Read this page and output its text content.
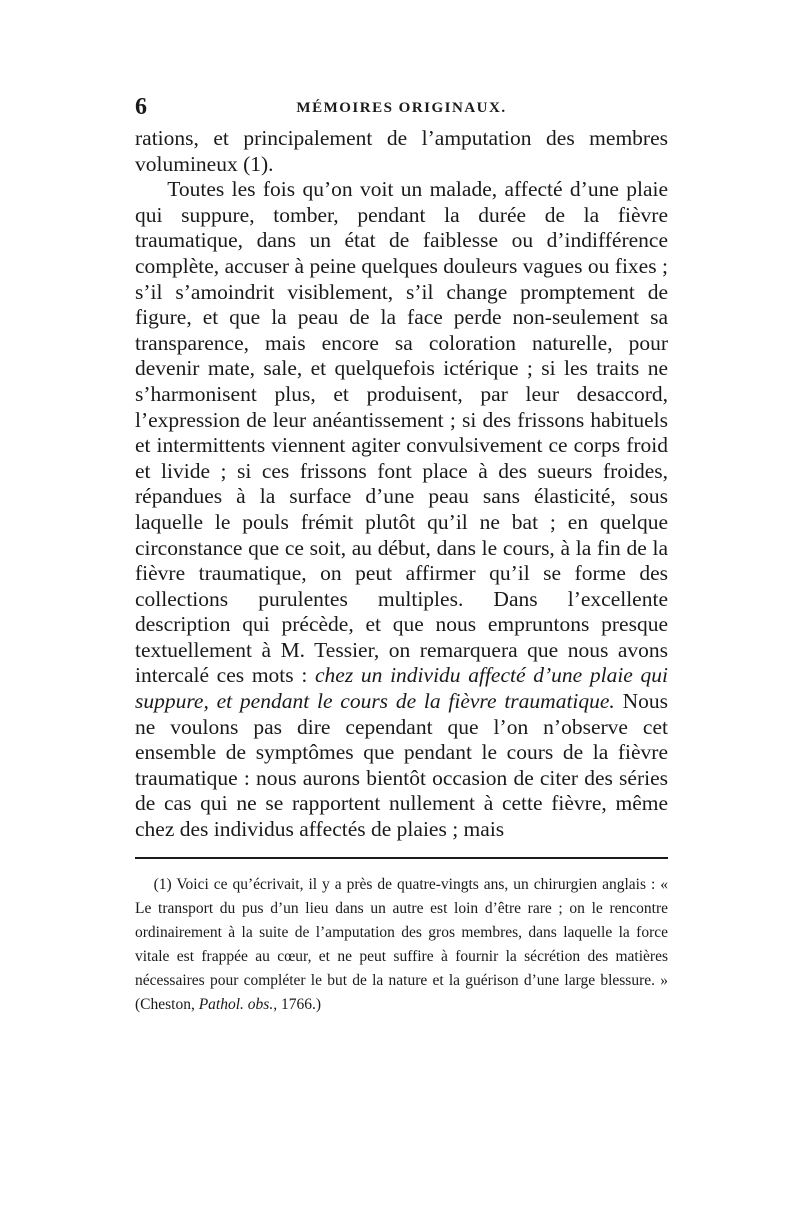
6	MÉMOIRES ORIGINAUX.

rations, et principalement de l’amputation des membres volumineux (1).

Toutes les fois qu’on voit un malade, affecté d’une plaie qui suppure, tomber, pendant la durée de la fièvre traumatique, dans un état de faiblesse ou d’indifférence complète, accuser à peine quelques douleurs vagues ou fixes ; s’il s’amoindrit visiblement, s’il change promptement de figure, et que la peau de la face perde non-seulement sa transparence, mais encore sa coloration naturelle, pour devenir mate, sale, et quelquefois ictérique ; si les traits ne s’harmonisent plus, et produisent, par leur desaccord, l’expression de leur anéantissement ; si des frissons habituels et intermittents viennent agiter convulsivement ce corps froid et livide ; si ces frissons font place à des sueurs froides, répandues à la surface d’une peau sans élasticité, sous laquelle le pouls frémit plutôt qu’il ne bat ; en quelque circonstance que ce soit, au début, dans le cours, à la fin de la fièvre traumatique, on peut affirmer qu’il se forme des collections purulentes multiples. Dans l’excellente description qui précède, et que nous empruntons presque textuellement à M. Tessier, on remarquera que nous avons intercalé ces mots : chez un individu affecté d’une plaie qui suppure, et pendant le cours de la fièvre traumatique. Nous ne voulons pas dire cependant que l’on n’observe cet ensemble de symptômes que pendant le cours de la fièvre traumatique : nous aurons bientôt occasion de citer des séries de cas qui ne se rapportent nullement à cette fièvre, même chez des individus affectés de plaies ; mais

(1) Voici ce qu’écrivait, il y a près de quatre-vingts ans, un chirurgien anglais : « Le transport du pus d’un lieu dans un autre est loin d’être rare ; on le rencontre ordinairement à la suite de l’amputation des gros membres, dans laquelle la force vitale est frappée au cœur, et ne peut suffire à fournir la sécrétion des matières nécessaires pour compléter le but de la nature et la guérison d’une large blessure. » (Cheston, Pathol. obs., 1766.)
